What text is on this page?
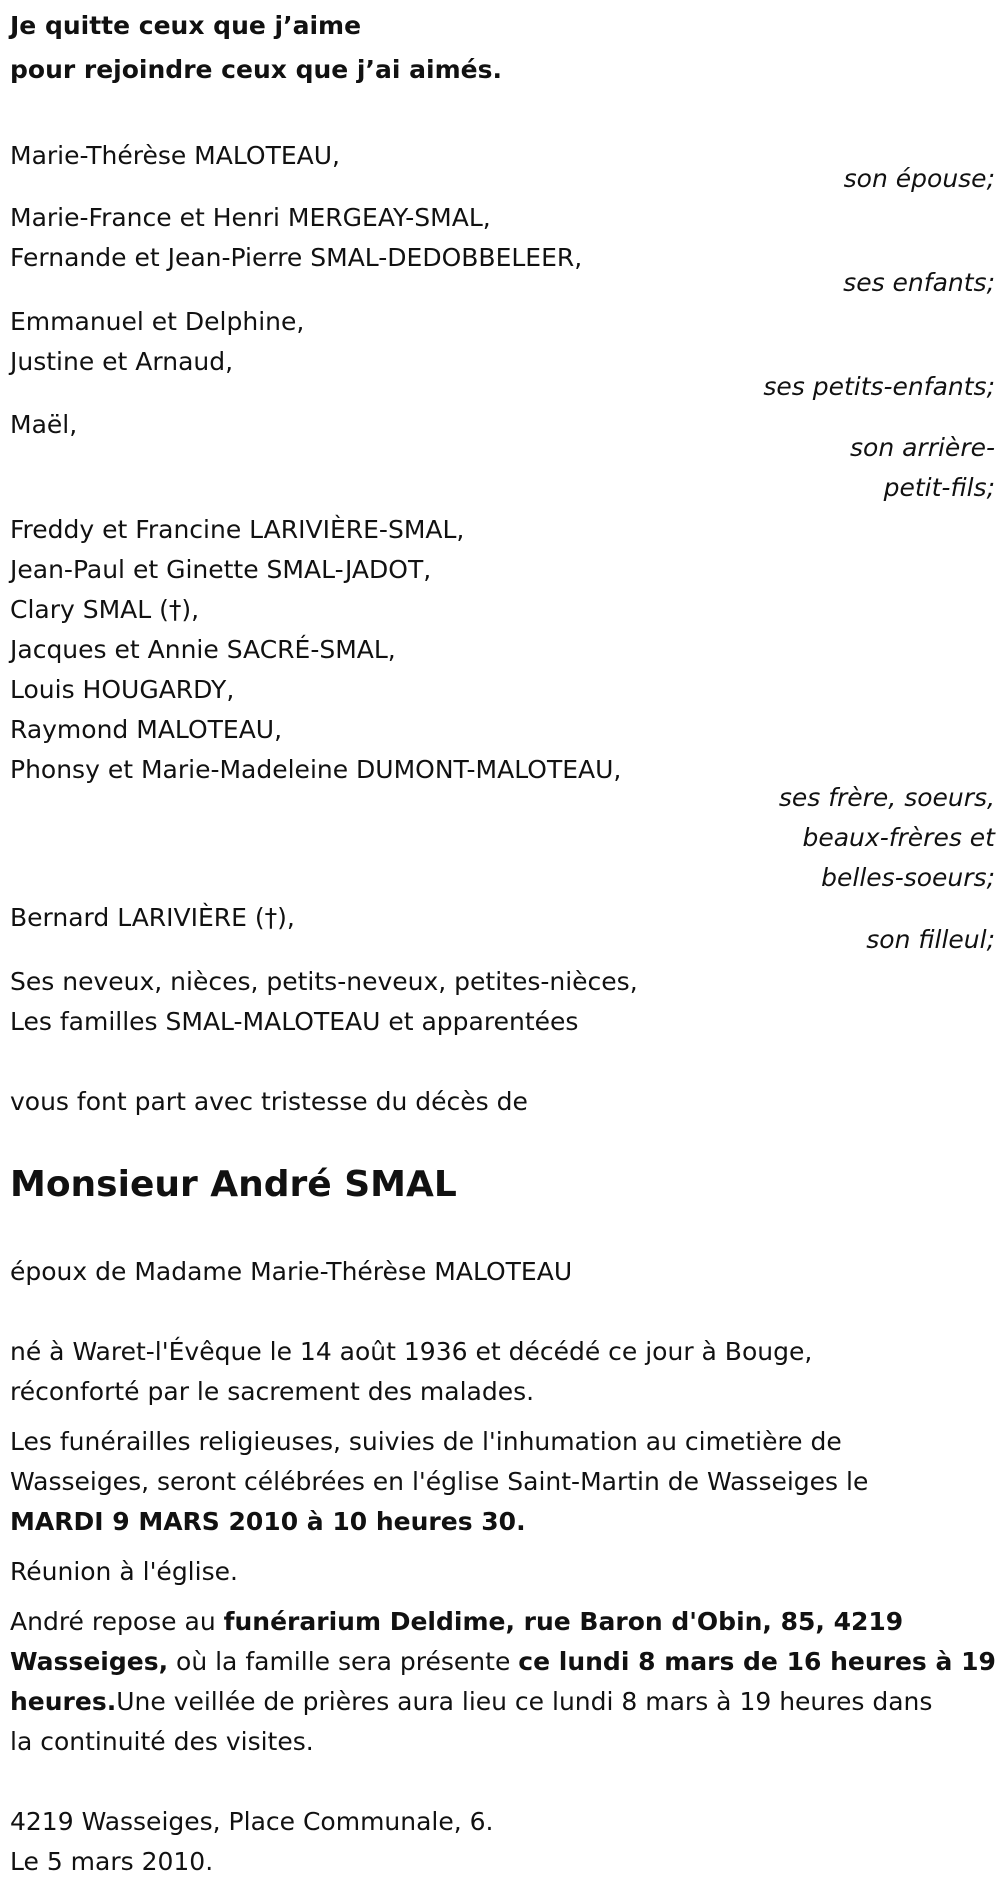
Je quitte ceux que j’aime

pour rejoindre ceux que j’ai aimés.

Marie-Thérèse MALOTEAU,

son épouse;

Marie-France et Henri MERGEAY-SMAL,

Fernande et Jean-Pierre SMAL-DEDOBBELEER,

ses enfants;

Emmanuel et Delphine,

Justine et Arnaud,

ses petits-enfants;

Maël,

son arrière-

petit-fils;

Freddy et Francine LARIVIÈRE-SMAL,

Jean-Paul et Ginette SMAL-JADOT,

Clary SMAL (†),

Jacques et Annie SACRÉ-SMAL,

Louis HOUGARDY,

Raymond MALOTEAU,

Phonsy et Marie-Madeleine DUMONT-MALOTEAU,

ses frère, soeurs,

beaux-frères et

belles-soeurs;

Bernard LARIVIÈRE (†),

son filleul;

Ses neveux, nièces, petits-neveux, petites-nièces,

Les familles SMAL-MALOTEAU et apparentées

vous font part avec tristesse du décès de

Monsieur André SMAL

époux de Madame Marie-Thérèse MALOTEAU

né à Waret-l'Évêque le 14 août 1936 et décédé ce jour à Bouge,

réconforté par le sacrement des malades.

Les funérailles religieuses, suivies de l'inhumation au cimetière de

Wasseiges, seront célébrées en l'église Saint-Martin de Wasseiges le

MARDI 9 MARS 2010 à 10 heures 30.

Réunion à l'église.

André repose au funérarium Deldime, rue Baron d'Obin, 85, 4219

Wasseiges, où la famille sera présente ce lundi 8 mars de 16 heures à 19

heures.Une veillée de prières aura lieu ce lundi 8 mars à 19 heures dans

la continuité des visites.

4219 Wasseiges, Place Communale, 6.

Le 5 mars 2010.
